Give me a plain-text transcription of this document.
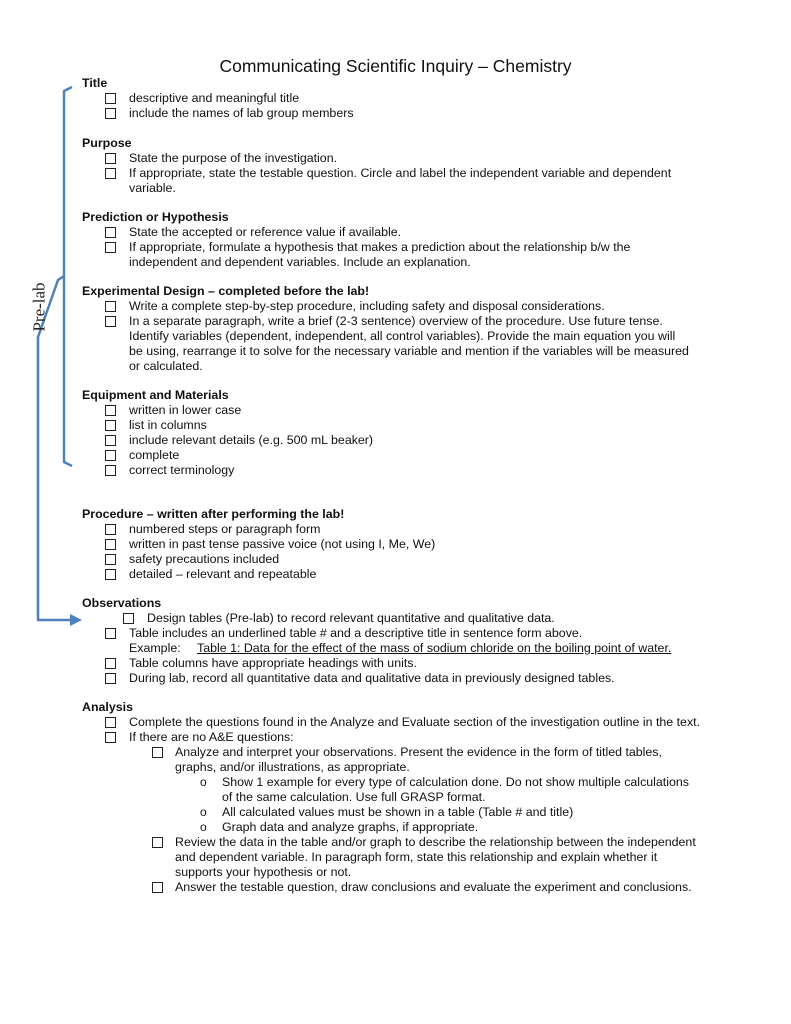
Pre-lab
Communicating Scientific Inquiry – Chemistry
Title
descriptive and meaningful title
include the names of lab group members
Purpose
State the purpose of the investigation.
If appropriate, state the testable question. Circle and label the independent variable and dependent
variable.
Prediction or Hypothesis
State the accepted or reference value if available.
If appropriate, formulate a hypothesis that makes a prediction about the relationship b/w the
independent and dependent variables. Include an explanation.
Experimental Design – completed before the lab!
Write a complete step-by-step procedure, including safety and disposal considerations.
In a separate paragraph, write a brief (2-3 sentence) overview of the procedure. Use future tense.
Identify variables (dependent, independent, all control variables). Provide the main equation you will
be using, rearrange it to solve for the necessary variable and mention if the variables will be measured
or calculated.
Equipment and Materials
written in lower case
list in columns
include relevant details (e.g. 500 mL beaker)
complete
correct terminology
Procedure – written after performing the lab!
numbered steps or paragraph form
written in past tense passive voice (not using I, Me, We)
safety precautions included
detailed – relevant and repeatable
Observations
Design tables (Pre-lab) to record relevant quantitative and qualitative data.
Table includes an underlined table # and a descriptive title in sentence form above.
Example: Table 1: Data for the effect of the mass of sodium chloride on the boiling point of water.
Table columns have appropriate headings with units.
During lab, record all quantitative data and qualitative data in previously designed tables.
Analysis
Complete the questions found in the Analyze and Evaluate section of the investigation outline in the text.
If there are no A&E questions:
Analyze and interpret your observations. Present the evidence in the form of titled tables,
graphs, and/or illustrations, as appropriate.
o Show 1 example for every type of calculation done. Do not show multiple calculations
of the same calculation. Use full GRASP format.
o All calculated values must be shown in a table (Table # and title)
o Graph data and analyze graphs, if appropriate.
Review the data in the table and/or graph to describe the relationship between the independent
and dependent variable. In paragraph form, state this relationship and explain whether it
supports your hypothesis or not.
Answer the testable question, draw conclusions and evaluate the experiment and conclusions.
